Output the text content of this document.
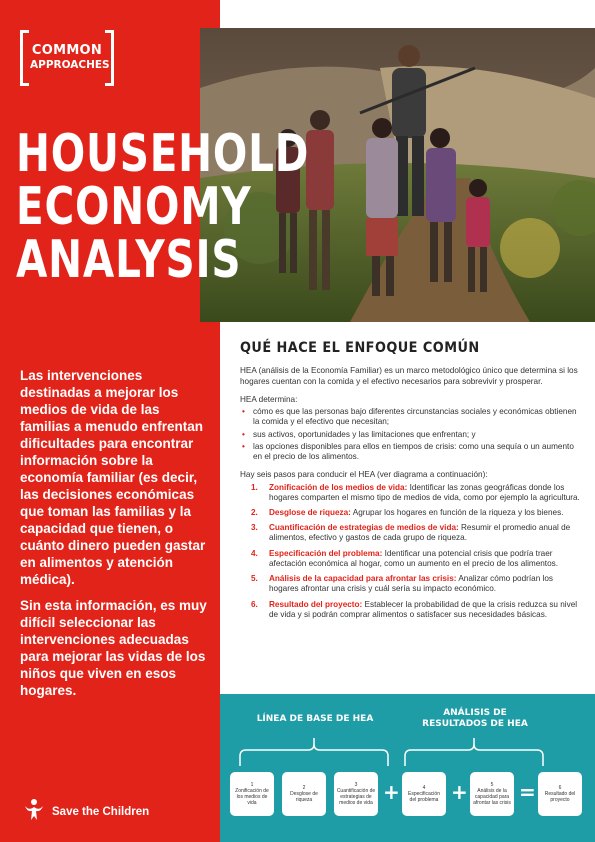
COMMON
APPROACHES
HOUSEHOLD
ECONOMY
ANALYSIS

Las intervenciones destinadas a mejorar los medios de vida de las familias a menudo enfrentan dificultades para encontrar información sobre la economía familiar (es decir, las decisiones económicas que toman las familias y la capacidad que tienen, o cuánto dinero pueden gastar en alimentos y atención médica).

Sin esta información, es muy difícil seleccionar las intervenciones adecuadas para mejorar las vidas de los niños que viven en esos hogares.

Save the Children
QUÉ HACE EL ENFOQUE COMÚN

HEA (análisis de la Economía Familiar) es un marco metodológico único que determina si los hogares cuentan con la comida y el efectivo necesarios para sobrevivir y prosperar.

HEA determina:

• cómo es que las personas bajo diferentes circunstancias sociales y económicas obtienen la comida y el efectivo que necesitan;
• sus activos, oportunidades y las limitaciones que enfrentan; y
• las opciones disponibles para ellos en tiempos de crisis: como una sequía o un aumento en el precio de los alimentos.

Hay seis pasos para conducir el HEA (ver diagrama a continuación):

1. Zonificación de los medios de vida: Identificar las zonas geográficas donde los hogares comparten el mismo tipo de medios de vida, como por ejemplo la agricultura.
2. Desglose de riqueza: Agrupar los hogares en función de la riqueza y los bienes.
3. Cuantificación de estrategias de medios de vida: Resumir el promedio anual de alimentos, efectivo y gastos de cada grupo de riqueza.
4. Especificación del problema: Identificar una potencial crisis que podría traer afectación económica al hogar, como un aumento en el precio de los alimentos.
5. Análisis de la capacidad para afrontar las crisis: Analizar cómo podrían los hogares afrontar una crisis y cuál sería su impacto económico.
6. Resultado del proyecto: Establecer la probabilidad de que la crisis reduzca su nivel de vida y si podrán comprar alimentos o satisfacer sus necesidades básicas.
LÍNEA DE BASE DE HEA
ANÁLISIS DE RESULTADOS DE HEA
1
Zonificación de los medios de vida
2
Desglose de riqueza
3
Cuantificación de estrategias de medios de vida +	4
Especificación del problema +	5
Análisis de la capacidad para afrontar las crisis =	6
Resultado del proyecto
